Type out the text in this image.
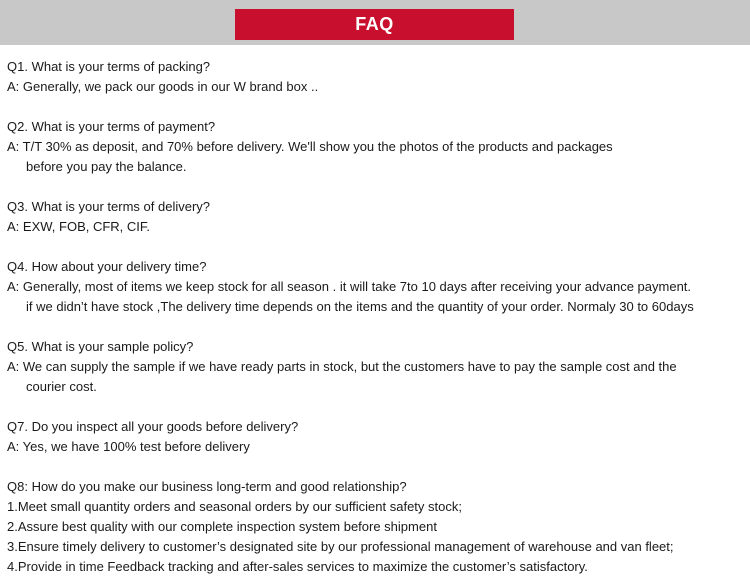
FAQ
Q1. What is your terms of packing?
A: Generally, we pack our goods in our W brand box ..
Q2. What is your terms of payment?
A: T/T 30% as deposit, and 70% before delivery. We'll show you the photos of the products and packages
before you pay the balance.
Q3. What is your terms of delivery?
A: EXW, FOB, CFR, CIF.
Q4. How about your delivery time?
A: Generally, most of items we keep stock for all season . it will take 7to 10 days after receiving your advance payment.
if we didn’t have stock ,The delivery time depends on the items and the quantity of your order. Normaly 30 to 60days
Q5. What is your sample policy?
A: We can supply the sample if we have ready parts in stock, but the customers have to pay the sample cost and the
courier cost.
Q7. Do you inspect all your goods before delivery?
A: Yes, we have 100% test before delivery
Q8: How do you make our business long-term and good relationship?
1.Meet small quantity orders and seasonal orders by our sufficient safety stock;
2.Assure best quality with our complete inspection system before shipment
3.Ensure timely delivery to customer’s designated site by our professional management of warehouse and van fleet;
4.Provide in time Feedback tracking and after-sales services to maximize the customer’s satisfactory.
